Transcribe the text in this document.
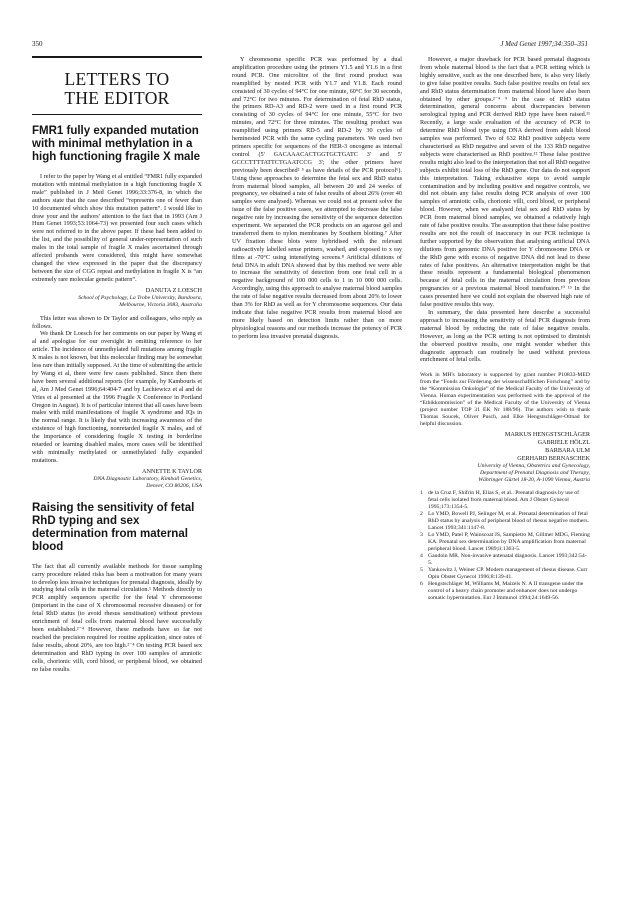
350	J Med Genet 1997;34:350–351
LETTERS TO
THE EDITOR
FMR1 fully expanded mutation with minimal methylation in a high functioning fragile X male

I refer to the paper by Wang et al entitled “FMR1 fully expanded mutation with minimal methylation in a high functioning fragile X male” published in J Med Genet 1996;33:376-8, in which the authors state that the case described “represents one of fewer than 10 documented which show this mutation pattern”. I would like to draw your and the authors' attention to the fact that in 1993 (Am J Hum Genet 1993;53:1064-73) we presented four such cases which were not referred to in the above paper. If these had been added to the list, and the possibility of general under-representation of such males in the total sample of fragile X males ascertained through affected probands were considered, this might have somewhat changed the view expressed in the paper that the discrepancy between the size of CGG repeat and methylation in fragile X is “an extremely rare molecular genetic pattern”.

DANUTA Z LOESCH
School of Psychology, La Trobe University, Bundoora,
Melbourne, Victoria 3083, Australia

This letter was shown to Dr Taylor and colleagues, who reply as follows.

We thank Dr Loesch for her comments on our paper by Wang et al and apologise for our oversight in omitting reference to her article. The incidence of unmethylated full mutations among fragile X males is not known, but this molecular finding may be somewhat less rare than initially supposed. At the time of submitting the article by Wang et al, there were few cases published. Since then there have been several additional reports (for example, by Kambouris et al, Am J Med Genet 1996;64:404-7 and by Lachiewicz et al and de Vries et al presented at the 1996 Fragile X Conference in Portland Oregon in August). It is of particular interest that all cases have been males with mild manifestations of fragile X syndrome and IQs in the normal range. It is likely that with increasing awareness of the existence of high functioning, nonretarded fragile X males, and of the importance of considering fragile X testing in borderline retarded or learning disabled males, more cases will be identified with minimally methylated or unmethylated fully expanded mutations.

ANNETTE K TAYLOR
DNA Diagnostic Laboratory, Kimball Genetics,
Denver, CO 80206, USA
Raising the sensitivity of fetal RhD typing and sex determination from maternal blood

The fact that all currently available methods for tissue sampling carry procedure related risks has been a motivation for many years to develop less invasive techniques for prenatal diagnosis, ideally by studying fetal cells in the maternal circulation.¹ Methods directly to PCR amplify sequences specific for the fetal Y chromosome (important in the case of X chromosomal recessive diseases) or for fetal RhD status (to avoid rhesus sensitisation) without previous enrichment of fetal cells from maternal blood have successfully been established.²⁻⁴ However, these methods have so far not reached the precision required for routine application, since rates of false results, about 20%, are too high.²⁻⁴ On testing PCR based sex determination and RhD typing in over 100 samples of amniotic cells, chorionic villi, cord blood, or peripheral blood, we obtained no false results.

Y chromosome specific PCR was performed by a dual amplification procedure using the primers Y1.5 and Y1.6 in a first round PCR. One microlitre of the first round product was reamplified by nested PCR with Y1.7 and Y1.8. Each round consisted of 30 cycles of 94°C for one minute, 60°C for 30 seconds, and 72°C for two minutes. For determination of fetal RhD status, the primers RD-A3 and RD-2 were used in a first round PCR consisting of 30 cycles of 94°C for one minute, 55°C for two minutes, and 72°C for three minutes. The resulting product was reamplified using primers RD-5 and RD-2 by 30 cycles of heminested PCR with the same cycling parameters. We used two primers specific for sequences of the HER-3 oncogene as internal control (5' GACAAACACTGGTGCTGATC 3' and 5' GCCCTTTTATTCTGAATCCG 3'; the other primers have previously been described² ⁵ as have details of the PCR protocol⁶). Using these approaches to determine the fetal sex and RhD status from maternal blood samples, all between 20 and 24 weeks of pregnancy, we obtained a rate of false results of about 26% (over 40 samples were analysed). Whereas we could not at present solve the issue of the false positive cases, we attempted to decrease the false negative rate by increasing the sensitivity of the sequence detection experiment. We separated the PCR products on an agarose gel and transferred them to nylon membranes by Southern blotting.⁷ After UV fixation these blots were hybridised with the relevant radioactively labelled sense primers, washed, and exposed to x ray films at -70°C using intensifying screens.⁸ Artificial dilutions of fetal DNA in adult DNA showed that by this method we were able to increase the sensitivity of detection from one fetal cell in a negative background of 100 000 cells to 1 in 10 000 000 cells. Accordingly, using this approach to analyse maternal blood samples the rate of false negative results decreased from about 20% to lower than 3% for RhD as well as for Y chromosome sequences. Our data indicate that false negative PCR results from maternal blood are more likely based on detection limits rather than on more physiological reasons and our methods increase the potency of PCR to perform less invasive prenatal diagnosis.

However, a major drawback for PCR based prenatal diagnosis from whole maternal blood is the fact that a PCR setting which is highly sensitive, such as the one described here, is also very likely to give false positive results. Such false positive results on fetal sex and RhD status determination from maternal blood have also been obtained by other groups.²⁻⁴ ⁹ In the case of RhD status determination, general concerns about discrepancies between serological typing and PCR derived RhD type have been raised.¹¹ Recently, a large scale evaluation of the accuracy of PCR to determine RhD blood type using DNA derived from adult blood samples was performed. Two of 632 RhD positive subjects were characterised as RhD negative and seven of the 133 RhD negative subjects were characterised as RhD positive.¹² These false positive results might also lead to the interpretation that not all RhD negative subjects exhibit total loss of the RhD gene. Our data do not support this interpretation. Taking exhaustive steps to avoid sample contamination and by including positive and negative controls, we did not obtain any false results doing PCR analysis of over 100 samples of amniotic cells, chorionic villi, cord blood, or peripheral blood. However, when we analysed fetal sex and RhD status by PCR from maternal blood samples, we obtained a relatively high rate of false positive results. The assumption that these false positive results are not the result of inaccuracy in our PCR technique is further supported by the observation that analysing artificial DNA dilutions from genomic DNA positive for Y chromosome DNA or the RhD gene with excess of negative DNA did not lead to these rates of false positives. An alternative interpretation might be that these results represent a fundamental biological phenomenon because of fetal cells in the maternal circulation from previous pregnancies or a previous maternal blood transfusion.¹⁰ ¹³ In the cases presented here we could not explain the observed high rate of false positive results this way.

In summary, the data presented here describe a successful approach to increasing the sensitivity of fetal PCR diagnosis from maternal blood by reducing the rate of false negative results. However, as long as the PCR setting is not optimised to diminish the observed positive results, one might wonder whether this diagnostic approach can routinely be used without previous enrichment of fetal cells.

Work in MH's laboratory is supported by grant number P10833-MED from the “Fonds zur Förderung der wissenschaftlichen Forschung” and by the “Kommission Onkologie” of the Medical Faculty of the University of Vienna. Human experimentation was performed with the approval of the “Ethikkommission” of the Medical Faculty of the University of Vienna (project number TOP 31 EK Nr 188/96). The authors wish to thank Thomas Soucek, Oliver Pusch, and Elke Hengstschläger-Ottnad for helpful discussion.

MARKUS HENGSTSCHLÄGER
GABRIELE HÖLZL
BARBARA ULM
GERHARD BERNASCHEK
University of Vienna, Obstetrics and Gynecology,
Department of Prenatal Diagnosis and Therapy,
Währinger Gürtel 18-20, A-1090 Vienna, Austria
1 de la Cruz F, Shifrin H, Elias S, et al.. Prenatal diagnosis by use of fetal cells isolated from maternal blood. Am J Obstet Gynecol 1995;173:1354-5.
2 Lo YMD, Bowell PJ, Selinger M, et al. Prenatal determination of fetal RhD status by analysis of peripheral blood of rhesus negative mothers. Lancet 1993;341:1147-8.
3 Lo YMD, Patel P, Wainscoat JS, Sampietro M, Gillmer MDG, Fleming KA. Prenatal sex determination by DNA amplification from maternal peripheral blood. Lancet 1989;ii:1363-5.
4 Gaudoin MR. Non-invasive antenatal diagnosis. Lancet 1993;342:54-5.
5 Yankowitz J, Weiner CP. Modern management of rhesus disease. Curr Opin Obstet Gynecol 1996;8:139-41.
6 Hengstschläger M, Williams M, Maizels N. A II transgene under the control of a heavy chain promoter and enhancer does not undergo somatic hypermutation. Eur J Immunol 1994;24:1649-56.
